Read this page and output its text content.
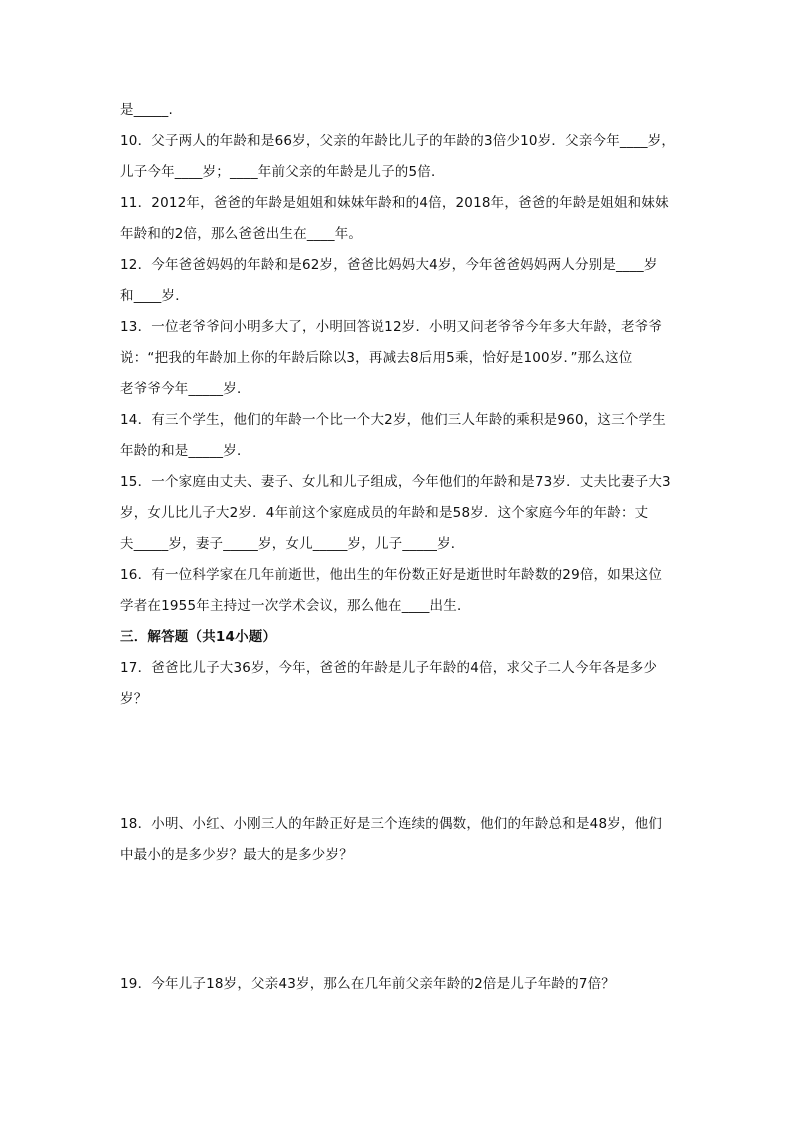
是_____.
10．父子两人的年龄和是66岁，父亲的年龄比儿子的年龄的3倍少10岁．父亲今年____岁，
儿子今年____岁；____年前父亲的年龄是儿子的5倍．
11．2012年，爸爸的年龄是姐姐和妹妹年龄和的4倍，2018年，爸爸的年龄是姐姐和妹妹
年龄和的2倍，那么爸爸出生在____年。
12．今年爸爸妈妈的年龄和是62岁，爸爸比妈妈大4岁，今年爸爸妈妈两人分别是____岁
和____岁．
13．一位老爷爷问小明多大了，小明回答说12岁．小明又问老爷爷今年多大年龄，老爷爷
说：“把我的年龄加上你的年龄后除以3，再减去8后用5乘，恰好是100岁．”那么这位
老爷爷今年_____岁．
14．有三个学生，他们的年龄一个比一个大2岁，他们三人年龄的乘积是960，这三个学生
年龄的和是_____岁．
15．一个家庭由丈夫、妻子、女儿和儿子组成，今年他们的年龄和是73岁．丈夫比妻子大3
岁，女儿比儿子大2岁．4年前这个家庭成员的年龄和是58岁．这个家庭今年的年龄：丈
夫_____岁，妻子_____岁，女儿_____岁，儿子_____岁．
16．有一位科学家在几年前逝世，他出生的年份数正好是逝世时年龄数的29倍，如果这位
学者在1955年主持过一次学术会议，那么他在____出生．
三．解答题（共14小题）
17．爸爸比儿子大36岁，今年，爸爸的年龄是儿子年龄的4倍，求父子二人今年各是多少
岁？
18．小明、小红、小刚三人的年龄正好是三个连续的偶数，他们的年龄总和是48岁，他们
中最小的是多少岁？最大的是多少岁？
19．今年儿子18岁，父亲43岁，那么在几年前父亲年龄的2倍是儿子年龄的7倍？
